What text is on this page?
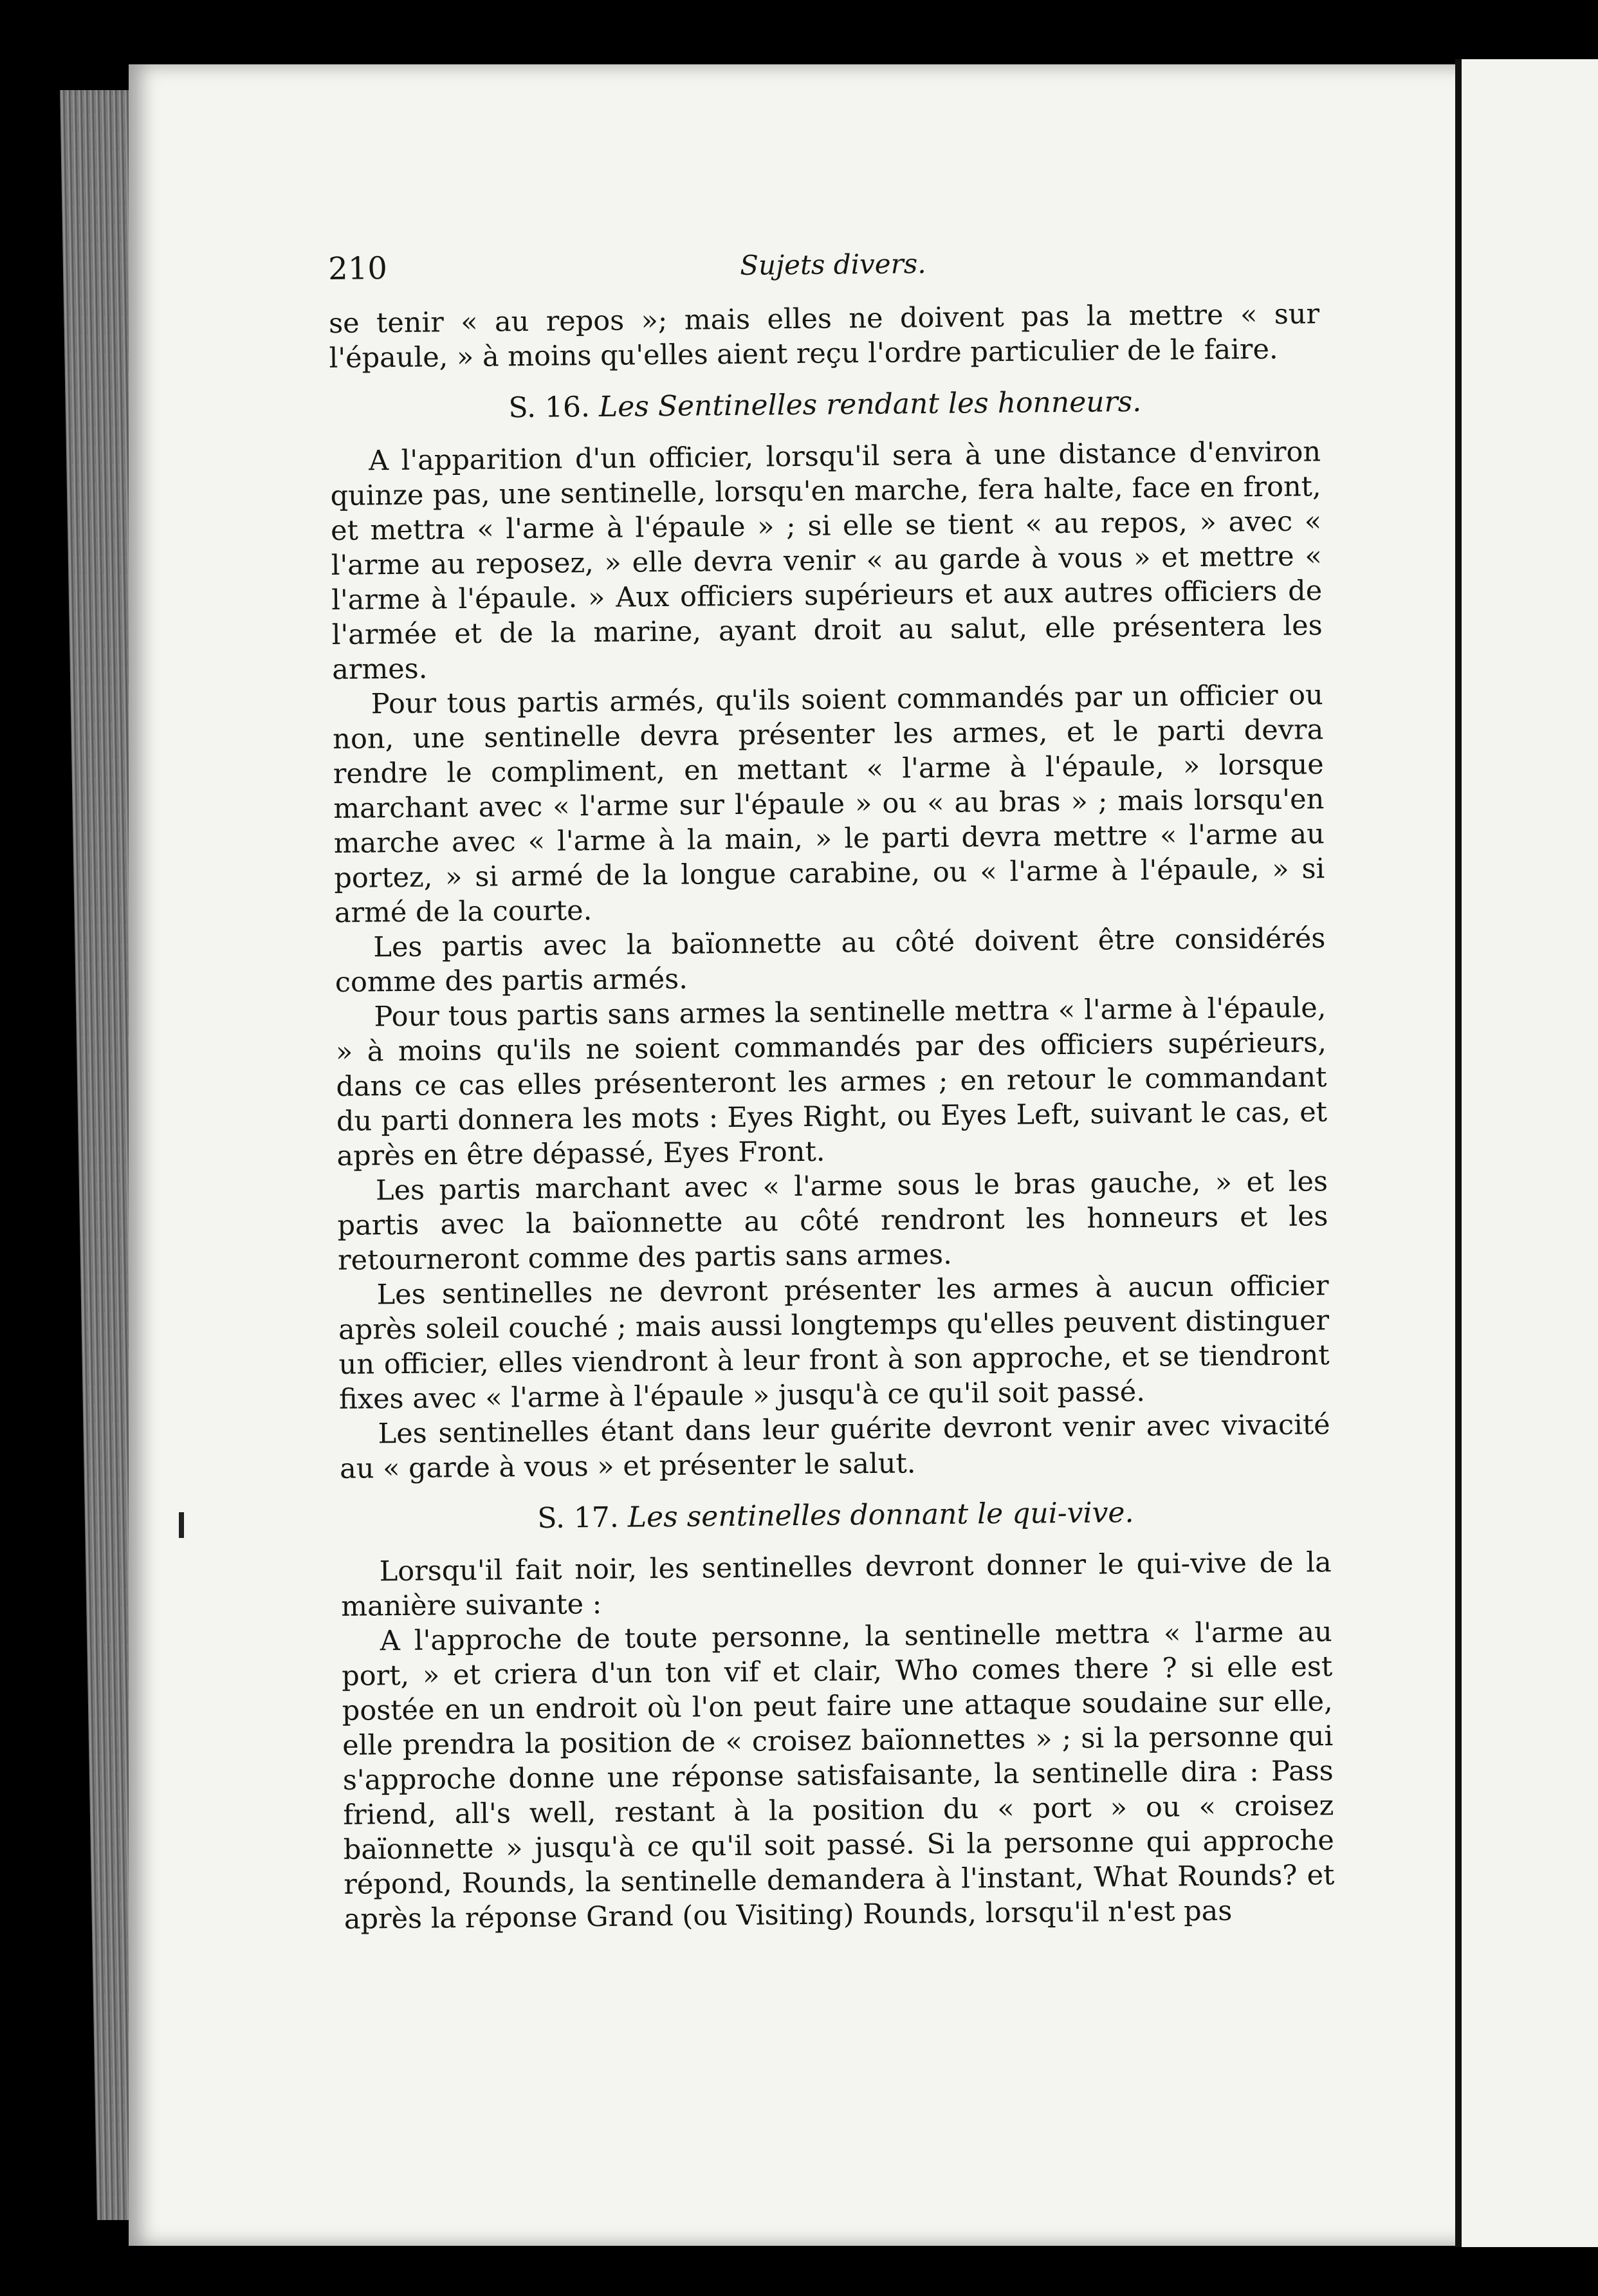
d I e d A la la I c
210	Sujets divers.

se tenir « au repos »; mais elles ne doivent pas la mettre « sur l'épaule, » à moins qu'elles aient reçu l'ordre particulier de le faire.

S. 16. Les Sentinelles rendant les honneurs.

A l'apparition d'un officier, lorsqu'il sera à une distance d'environ quinze pas, une sentinelle, lorsqu'en marche, fera halte, face en front, et mettra « l'arme à l'épaule » ; si elle se tient « au repos, » avec « l'arme au reposez, » elle devra venir « au garde à vous » et mettre « l'arme à l'épaule. » Aux officiers supérieurs et aux autres officiers de l'armée et de la marine, ayant droit au salut, elle présentera les armes.

Pour tous partis armés, qu'ils soient commandés par un officier ou non, une sentinelle devra présenter les armes, et le parti devra rendre le compliment, en mettant « l'arme à l'épaule, » lorsque marchant avec « l'arme sur l'épaule » ou « au bras » ; mais lorsqu'en marche avec « l'arme à la main, » le parti devra mettre « l'arme au portez, » si armé de la longue carabine, ou « l'arme à l'épaule, » si armé de la courte.

Les partis avec la baïonnette au côté doivent être considérés comme des partis armés.

Pour tous partis sans armes la sentinelle mettra « l'arme à l'épaule, » à moins qu'ils ne soient commandés par des officiers supérieurs, dans ce cas elles présenteront les armes ; en retour le commandant du parti donnera les mots : Eyes Right, ou Eyes Left, suivant le cas, et après en être dépassé, Eyes Front.

Les partis marchant avec « l'arme sous le bras gauche, » et les partis avec la baïonnette au côté rendront les honneurs et les retourneront comme des partis sans armes.

Les sentinelles ne devront présenter les armes à aucun officier après soleil couché ; mais aussi longtemps qu'elles peuvent distinguer un officier, elles viendront à leur front à son approche, et se tiendront fixes avec « l'arme à l'épaule » jusqu'à ce qu'il soit passé.

Les sentinelles étant dans leur guérite devront venir avec vivacité au « garde à vous » et présenter le salut.

S. 17. Les sentinelles donnant le qui-vive.

Lorsqu'il fait noir, les sentinelles devront donner le qui-vive de la manière suivante :

A l'approche de toute personne, la sentinelle mettra « l'arme au port, » et criera d'un ton vif et clair, Who comes there ? si elle est postée en un endroit où l'on peut faire une attaque soudaine sur elle, elle prendra la position de « croisez baïonnettes » ; si la personne qui s'approche donne une réponse satisfaisante, la sentinelle dira : Pass friend, all's well, restant à la position du « port » ou « croisez baïonnette » jusqu'à ce qu'il soit passé. Si la personne qui approche répond, Rounds, la sentinelle demandera à l'instant, What Rounds? et après la réponse Grand (ou Visiting) Rounds, lorsqu'il n'est pas
